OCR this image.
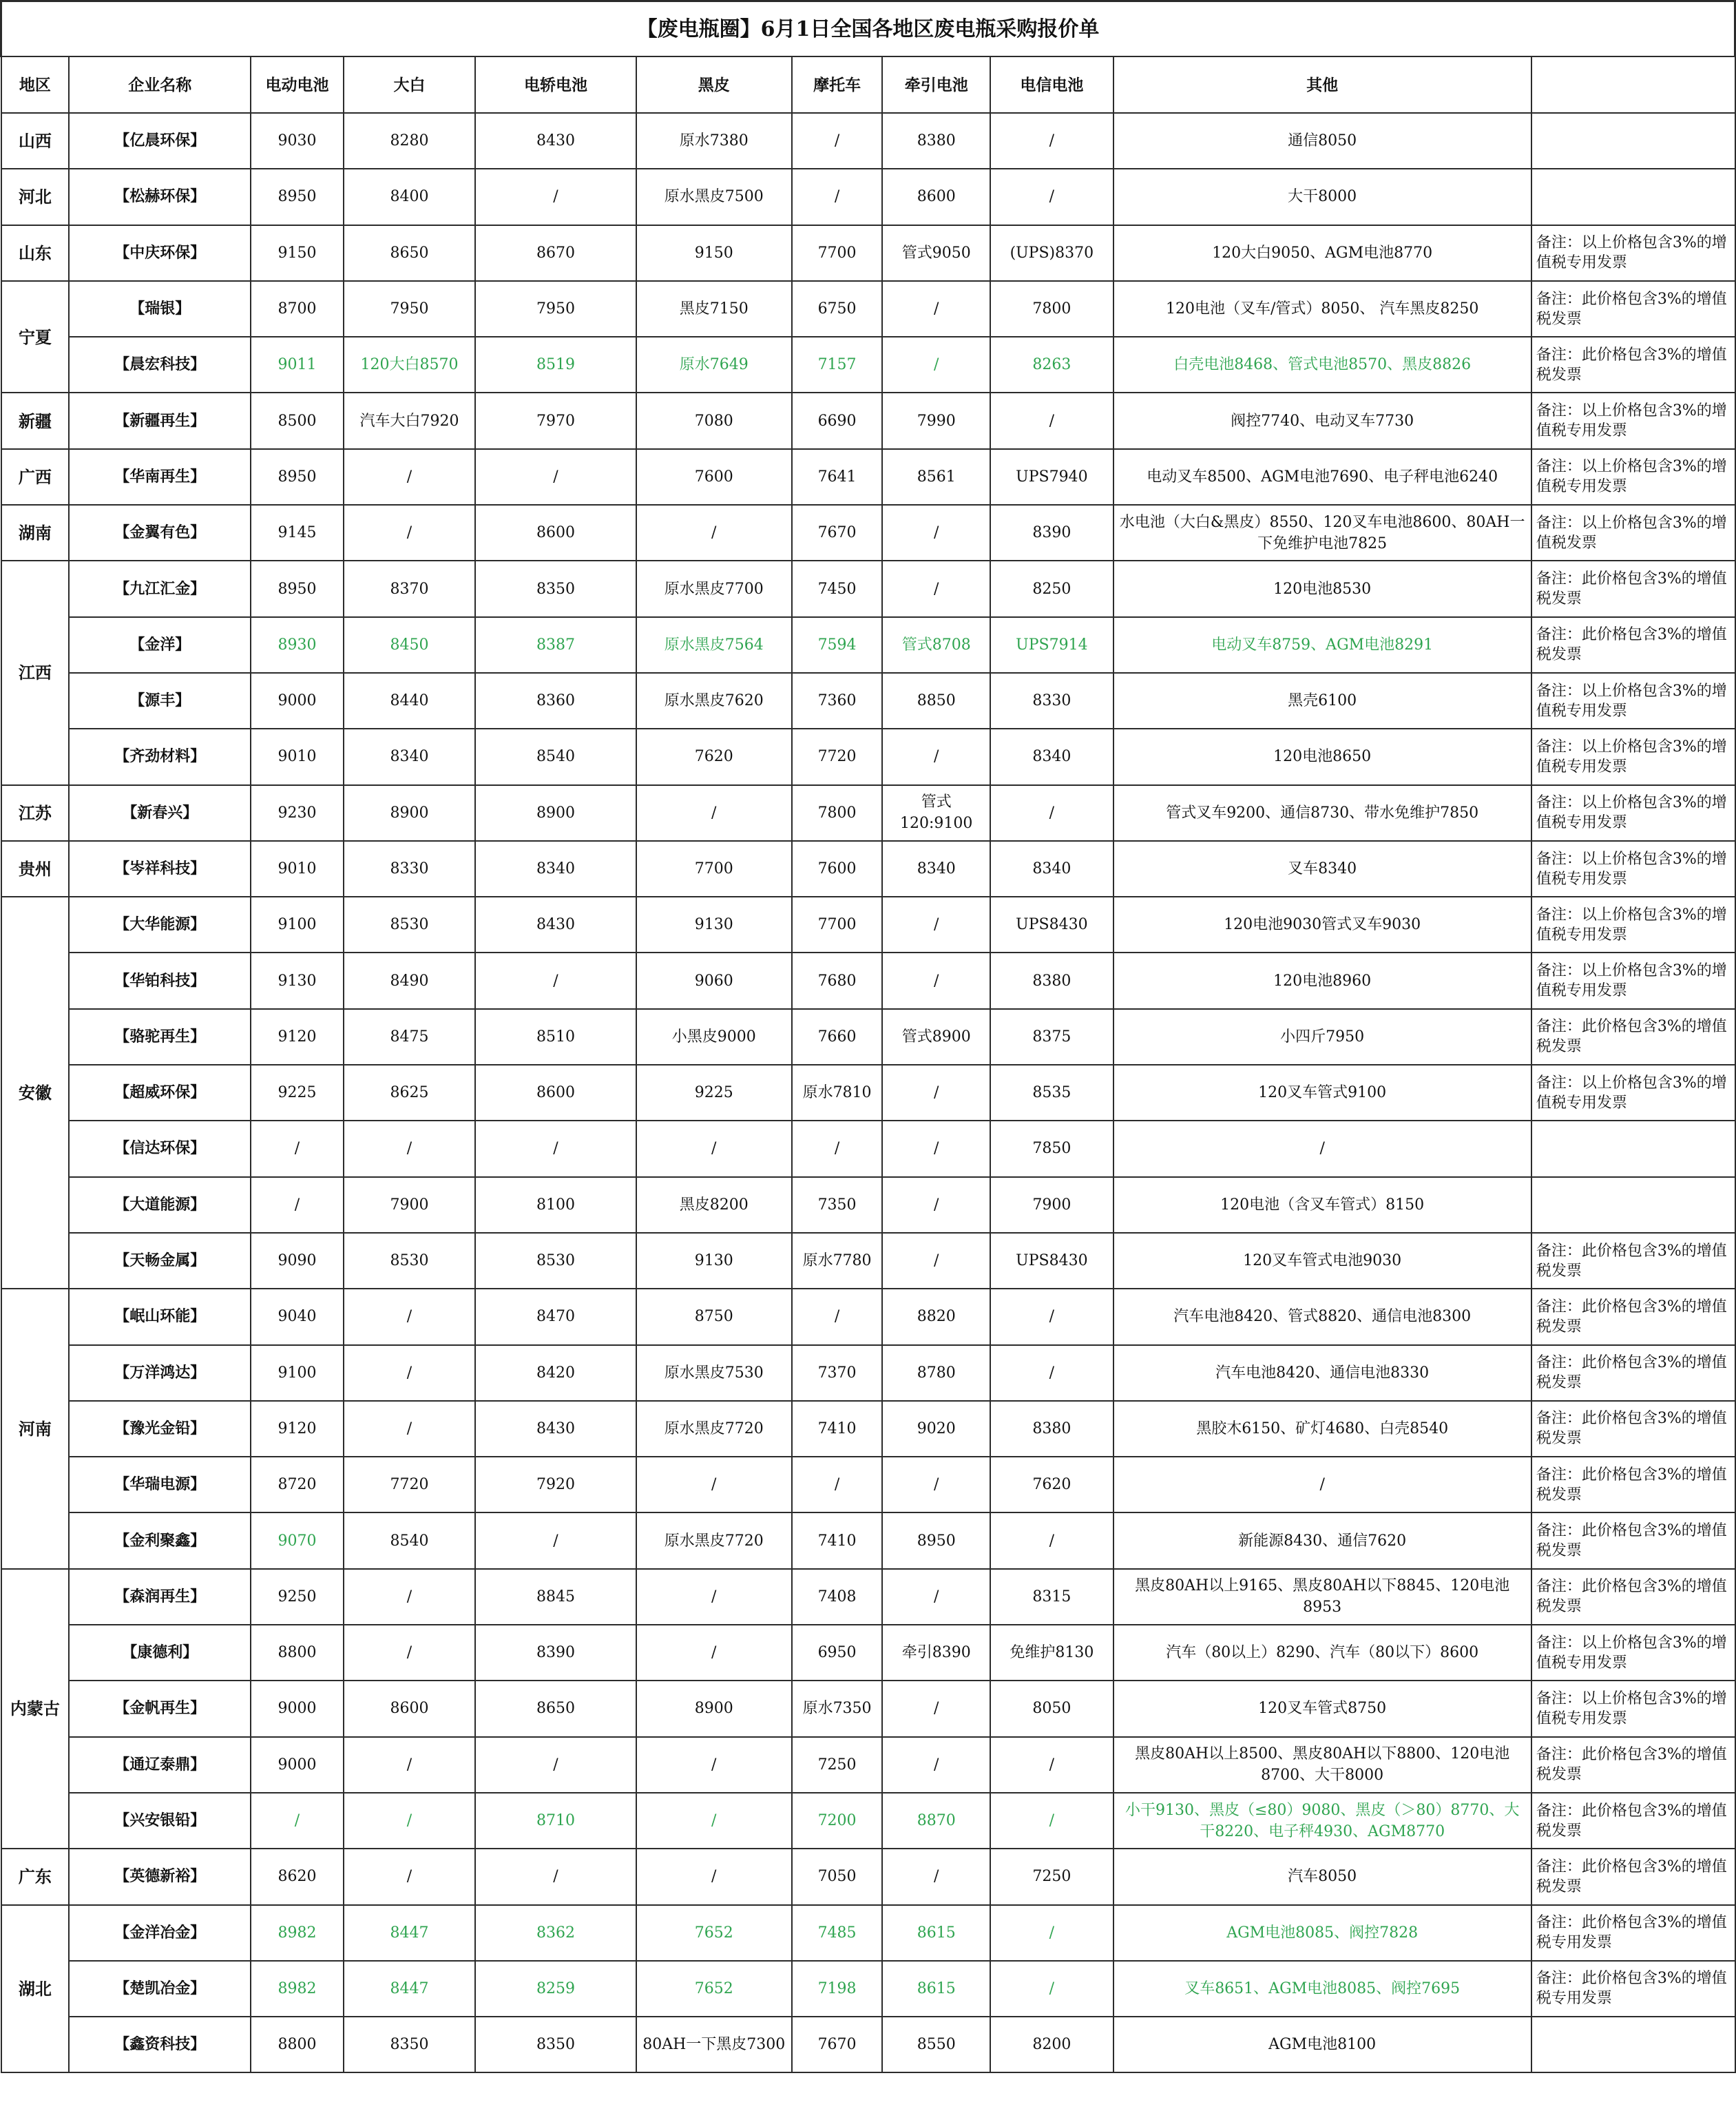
【废电瓶圈】6月1日全国各地区废电瓶采购报价单										
地区	企业名称	电动电池	大白	电轿电池	黑皮	摩托车	牵引电池	电信电池	其他	
山西	【亿晨环保】	9030	8280	8430	原水7380	/	8380	/	通信8050	
河北	【松赫环保】	8950	8400	/	原水黑皮7500	/	8600	/	大干8000	
山东	【中庆环保】	9150	8650	8670	9150	7700	管式9050	(UPS)8370	120大白9050、AGM电池8770	备注：以上价格包含3%的增值税专用发票
宁夏	【瑞银】	8700	7950	7950	黑皮7150	6750	/	7800	120电池（叉车/管式）8050、 汽车黑皮8250	备注：此价格包含3%的增值税发票
	【晨宏科技】	9011	120大白8570	8519	原水7649	7157	/	8263	白壳电池8468、管式电池8570、黑皮8826	备注：此价格包含3%的增值税发票
新疆	【新疆再生】	8500	汽车大白7920	7970	7080	6690	7990	/	阀控7740、电动叉车7730	备注：以上价格包含3%的增值税专用发票
广西	【华南再生】	8950	/	/	7600	7641	8561	UPS7940	电动叉车8500、AGM电池7690、电子秤电池6240	备注：以上价格包含3%的增值税专用发票
湖南	【金翼有色】	9145	/	8600	/	7670	/	8390	水电池（大白&黑皮）8550、120叉车电池8600、80AH一下免维护电池7825	备注：以上价格包含3%的增值税发票
江西	【九江汇金】	8950	8370	8350	原水黑皮7700	7450	/	8250	120电池8530	备注：此价格包含3%的增值税发票
	【金洋】	8930	8450	8387	原水黑皮7564	7594	管式8708	UPS7914	电动叉车8759、AGM电池8291	备注：此价格包含3%的增值税发票
	【源丰】	9000	8440	8360	原水黑皮7620	7360	8850	8330	黑壳6100	备注：以上价格包含3%的增值税专用发票
	【齐劲材料】	9010	8340	8540	7620	7720	/	8340	120电池8650	备注：以上价格包含3%的增值税专用发票
江苏	【新春兴】	9230	8900	8900	/	7800	管式120:9100	/	管式叉车9200、通信8730、带水免维护7850	备注：以上价格包含3%的增值税专用发票
贵州	【岑祥科技】	9010	8330	8340	7700	7600	8340	8340	叉车8340	备注：以上价格包含3%的增值税专用发票
安徽	【大华能源】	9100	8530	8430	9130	7700	/	UPS8430	120电池9030管式叉车9030	备注：以上价格包含3%的增值税专用发票
	【华铂科技】	9130	8490	/	9060	7680	/	8380	120电池8960	备注：以上价格包含3%的增值税专用发票
	【骆驼再生】	9120	8475	8510	小黑皮9000	7660	管式8900	8375	小四斤7950	备注：此价格包含3%的增值税发票
	【超威环保】	9225	8625	8600	9225	原水7810	/	8535	120叉车管式9100	备注：以上价格包含3%的增值税专用发票
	【信达环保】	/	/	/	/	/	/	7850	/	
	【大道能源】	/	7900	8100	黑皮8200	7350	/	7900	120电池（含叉车管式）8150	
	【天畅金属】	9090	8530	8530	9130	原水7780	/	UPS8430	120叉车管式电池9030	备注：此价格包含3%的增值税发票
河南	【岷山环能】	9040	/	8470	8750	/	8820	/	汽车电池8420、管式8820、通信电池8300	备注：此价格包含3%的增值税发票
	【万洋鸿达】	9100	/	8420	原水黑皮7530	7370	8780	/	汽车电池8420、通信电池8330	备注：此价格包含3%的增值税发票
	【豫光金铅】	9120	/	8430	原水黑皮7720	7410	9020	8380	黑胶木6150、矿灯4680、白壳8540	备注：此价格包含3%的增值税发票
	【华瑞电源】	8720	7720	7920	/	/	/	7620	/	备注：此价格包含3%的增值税发票
	【金利聚鑫】	9070	8540	/	原水黑皮7720	7410	8950	/	新能源8430、通信7620	备注：此价格包含3%的增值税发票
内蒙古	【森润再生】	9250	/	8845	/	7408	/	8315	黑皮80AH以上9165、黑皮80AH以下8845、120电池8953	备注：此价格包含3%的增值税发票
	【康德利】	8800	/	8390	/	6950	牵引8390	免维护8130	汽车（80以上）8290、汽车（80以下）8600	备注：以上价格包含3%的增值税专用发票
	【金帆再生】	9000	8600	8650	8900	原水7350	/	8050	120叉车管式8750	备注：以上价格包含3%的增值税专用发票
	【通辽泰鼎】	9000	/	/	/	7250	/	/	黑皮80AH以上8500、黑皮80AH以下8800、120电池8700、大干8000	备注：此价格包含3%的增值税发票
	【兴安银铅】	/	/	8710	/	7200	8870	/	小干9130、黑皮（≤80）9080、黑皮（＞80）8770、大干8220、电子秤4930、AGM8770	备注：此价格包含3%的增值税发票
广东	【英德新裕】	8620	/	/	/	7050	/	7250	汽车8050	备注：此价格包含3%的增值税发票
湖北	【金洋冶金】	8982	8447	8362	7652	7485	8615	/	AGM电池8085、阀控7828	备注：此价格包含3%的增值税专用发票
	【楚凯冶金】	8982	8447	8259	7652	7198	8615	/	叉车8651、AGM电池8085、阀控7695	备注：此价格包含3%的增值税专用发票
	【鑫资科技】	8800	8350	8350	80AH一下黑皮7300	7670	8550	8200	AGM电池8100	
